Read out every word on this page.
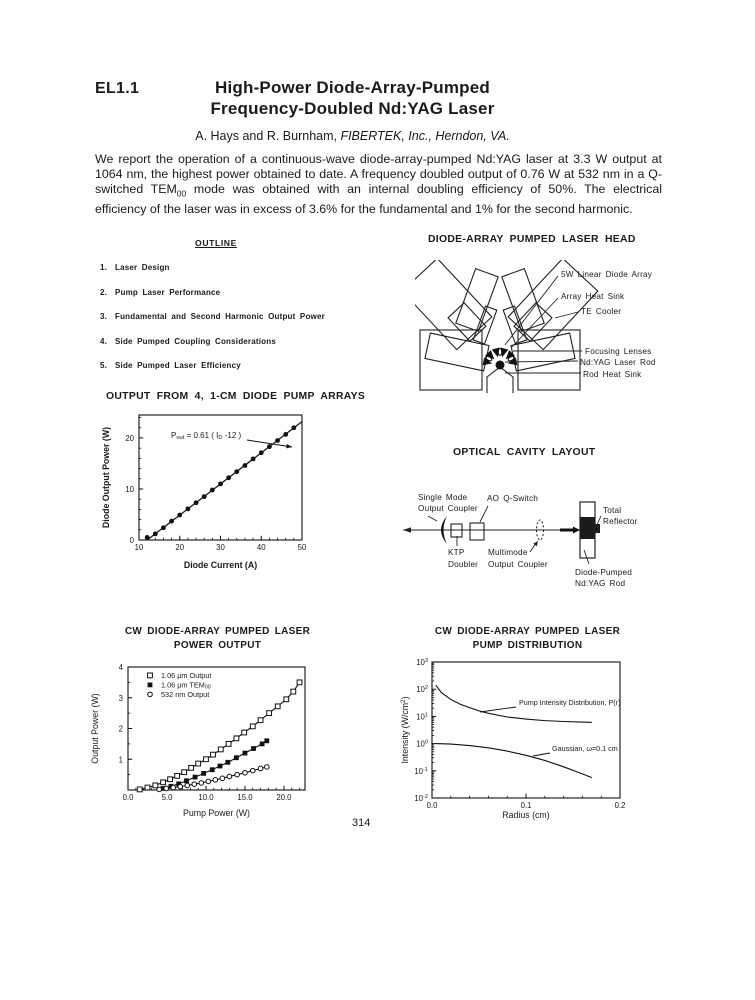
EL1.1	High-Power Diode-Array-Pumped
Frequency-Doubled Nd:YAG Laser
A. Hays and R. Burnham, FIBERTEK, Inc., Herndon, VA.
We report the operation of a continuous-wave diode-array-pumped Nd:YAG laser at 3.3 W output at 1064 nm, the highest power obtained to date. A frequency doubled output of 0.76 W at 532 nm in a Q-switched $TEM_{00}$ mode was obtained with an internal doubling efficiency of 50%. The electrical efficiency of the laser was in excess of 3.6% for the fundamental and 1% for the second harmonic.
OUTLINE
1. Laser Design
2. Pump Laser Performance
3. Fundamental and Second Harmonic Output Power
4. Side Pumped Coupling Considerations
5. Side Pumped Laser Efficiency
DIODE-ARRAY PUMPED LASER HEAD
5W Linear Diode Array
Array Heat Sink
TE Cooler
Focusing Lenses
Nd:YAG Laser Rod
Rod Heat Sink
OUTPUT FROM 4, 1-CM DIODE PUMP ARRAYS
10	20	30	40	50
0
10
20
Diode Current (A)
Diode Output Power (W)	Pout = 0.61 ( ID -12 )
OPTICAL CAVITY LAYOUT
Single Mode
Output Coupler
AO Q-Switch
KTP
Doubler
Multimode
Output Coupler
Total
Reflector
Diode-Pumped
Nd:YAG Rod
CW DIODE-ARRAY PUMPED LASER
POWER OUTPUT
0.0	5.0	10.0	15.0	20.0
1
2
3
4
Pump Power (W)
Output Power (W)
1.06 μm Output
1.06 μm TEM00
532 nm Output
CW DIODE-ARRAY PUMPED LASER
PUMP DISTRIBUTION
0.0	0.1	0.2
103
102
101
100
10-1
10-2
Radius (cm)
Intensity (W/cm2)
Pump Intensity Distribution, P(r)
Gaussian, ω=0.1 cm
314
